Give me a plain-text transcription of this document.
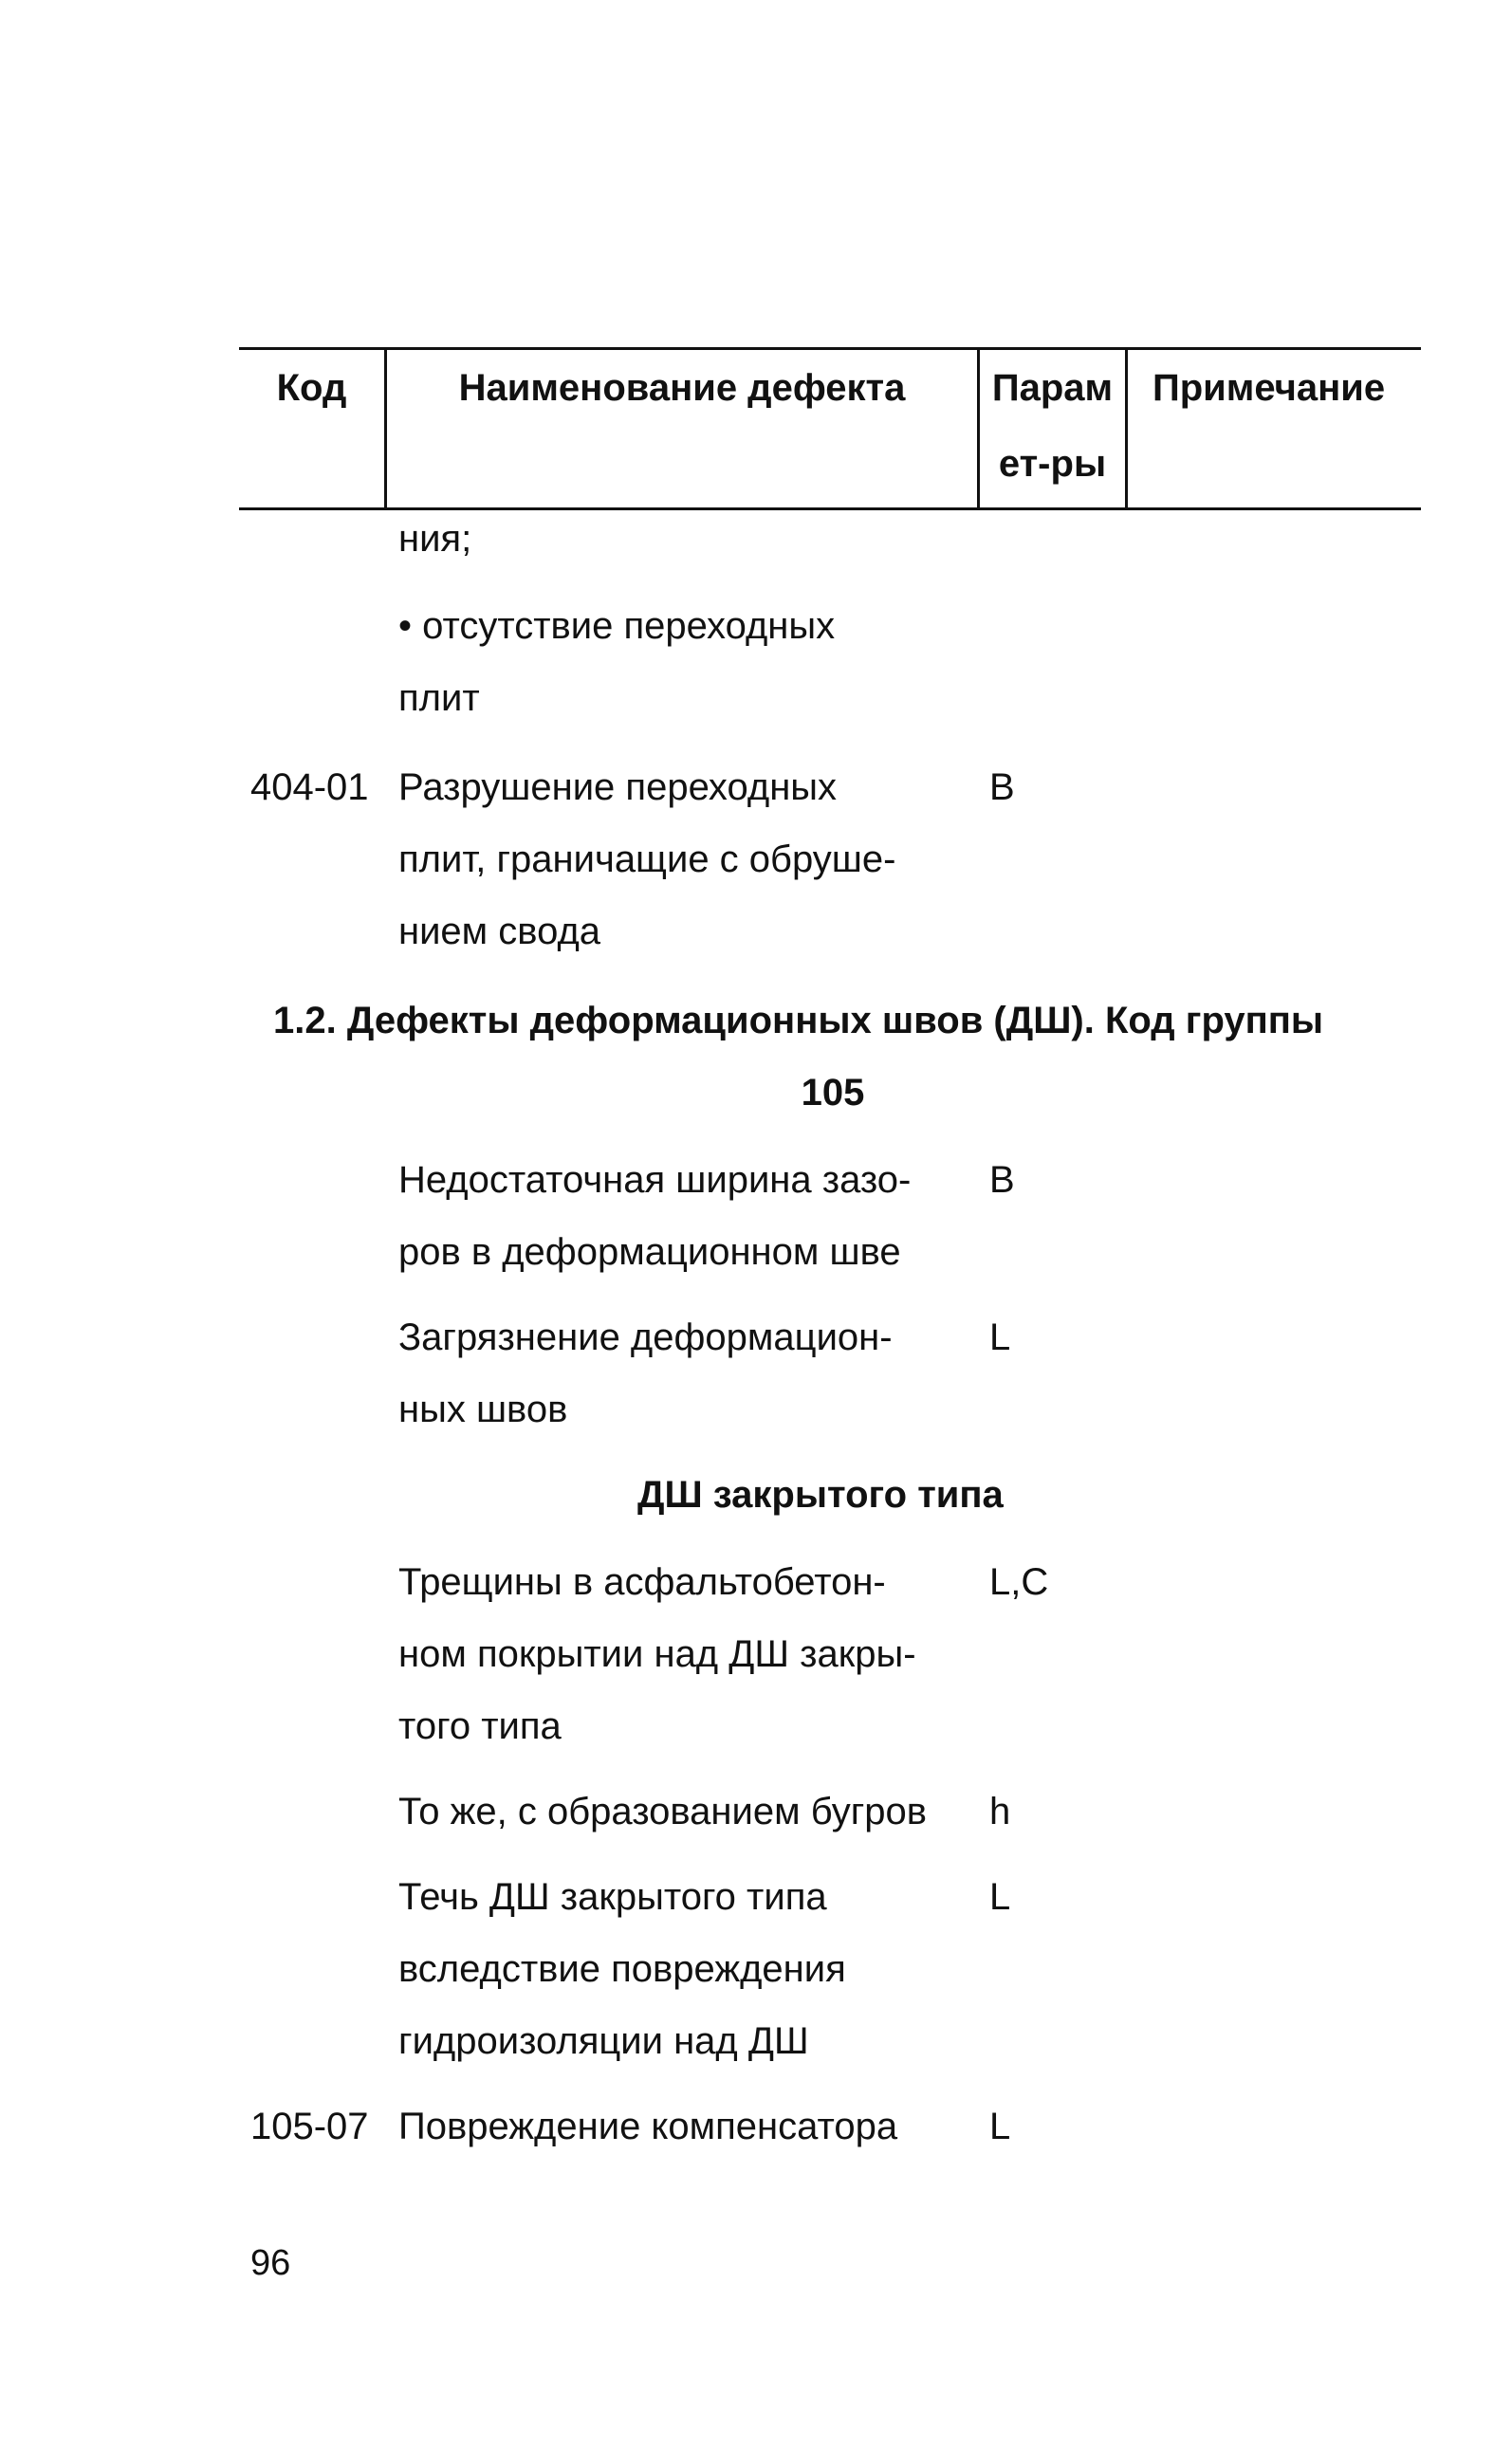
Код	Наименование дефекта	Парам
ет-ры
Примечание
ния;
• отсутствие переходных
плит
404-01 Разрушение переходных
плит, граничащие с обруше-
нием свода
B
1.2. Дефекты деформационных швов (ДШ). Код группы
105
Недостаточная ширина зазо-
ров в деформационном шве
B
Загрязнение деформацион-
ных швов
L
ДШ закрытого типа
Трещины в асфальтобетон-
ном покрытии над ДШ закры-
того типа
L,C
То же, с образованием бугров h
Течь ДШ закрытого типа
вследствие повреждения
гидроизоляции над ДШ
L
105-07 Повреждение компенсатора L
96
